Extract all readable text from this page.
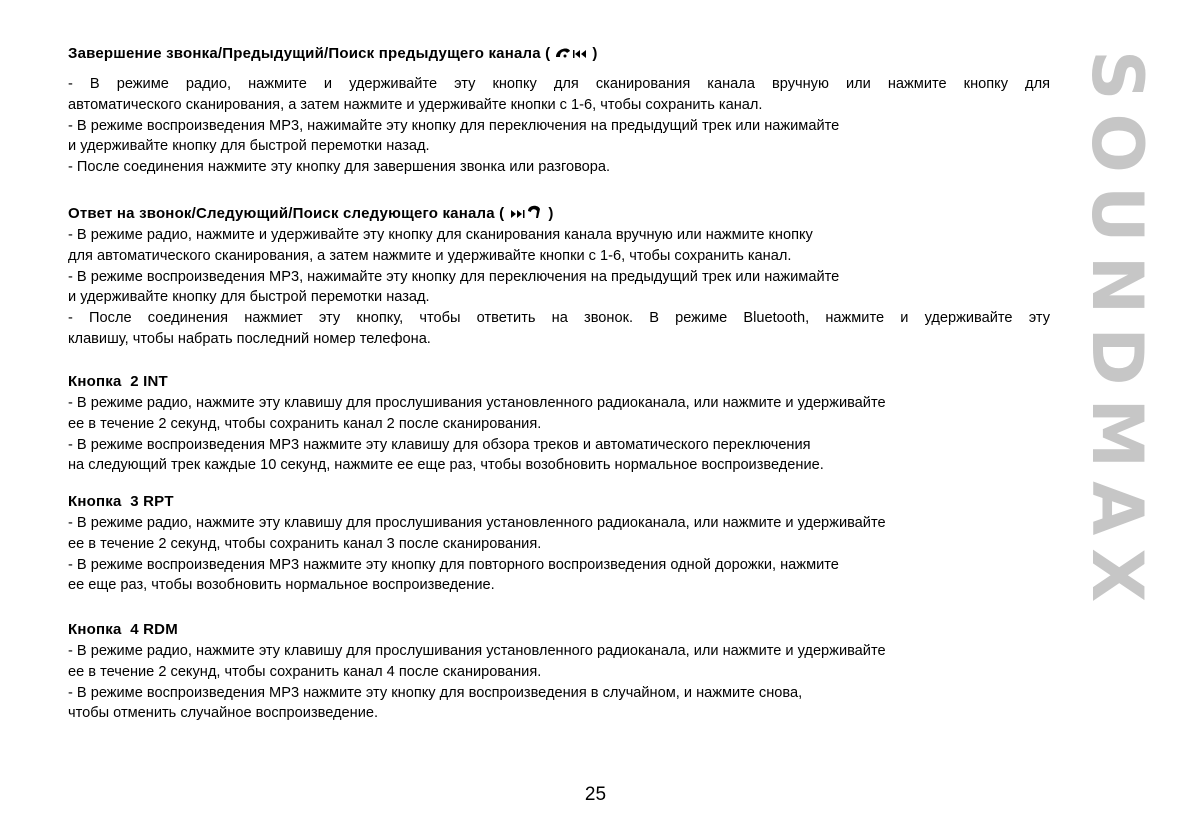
Завершение звонка/Предыдущий/Поиск предыдущего канала (	)
- В режиме радио, нажмите и удерживайте эту кнопку для сканирования канала вручную или нажмите кнопку для
автоматического сканирования, а затем нажмите и удерживайте кнопки с 1-6, чтобы сохранить канал.
- В режиме воспроизведения MP3, нажимайте эту кнопку для переключения на предыдущий трек или нажимайте
и удерживайте кнопку для быстрой перемотки назад.
- После соединения нажмите эту кнопку для завершения звонка или разговора.
Ответ на звонок/Следующий/Поиск следующего канала (	)
- В режиме радио, нажмите и удерживайте эту кнопку для сканирования канала вручную или нажмите кнопку
для автоматического сканирования, а затем нажмите и удерживайте кнопки с 1-6, чтобы сохранить канал.
- В режиме воспроизведения MP3, нажимайте эту кнопку для переключения на предыдущий трек или нажимайте
и удерживайте кнопку для быстрой перемотки назад.
- После соединения нажмиет эту кнопку, чтобы ответить на звонок. В режиме Bluetooth, нажмите и удерживайте эту
клавишу, чтобы набрать последний номер телефона.
Кнопка  2 INT
- В режиме радио, нажмите эту клавишу для прослушивания установленного радиоканала, или нажмите и удерживайте
ее в течение 2 секунд, чтобы сохранить канал 2 после сканирования.
- В режиме воспроизведения MP3 нажмите эту клавишу для обзора треков и автоматического переключения
на следующий трек каждые 10 секунд, нажмите ее еще раз, чтобы возобновить нормальное воспроизведение.
Кнопка  3 RPT
- В режиме радио, нажмите эту клавишу для прослушивания установленного радиоканала, или нажмите и удерживайте
ее в течение 2 секунд, чтобы сохранить канал 3 после сканирования.
- В режиме воспроизведения MP3 нажмите эту кнопку для повторного воспроизведения одной дорожки, нажмите
ее еще раз, чтобы возобновить нормальное воспроизведение.
Кнопка  4 RDM
- В режиме радио, нажмите эту клавишу для прослушивания установленного радиоканала, или нажмите и удерживайте
ее в течение 2 секунд, чтобы сохранить канал 4 после сканирования.
- В режиме воспроизведения MP3 нажмите эту кнопку для воспроизведения в случайном, и нажмите снова,
чтобы отменить случайное воспроизведение.
SOUNDMAX
25
